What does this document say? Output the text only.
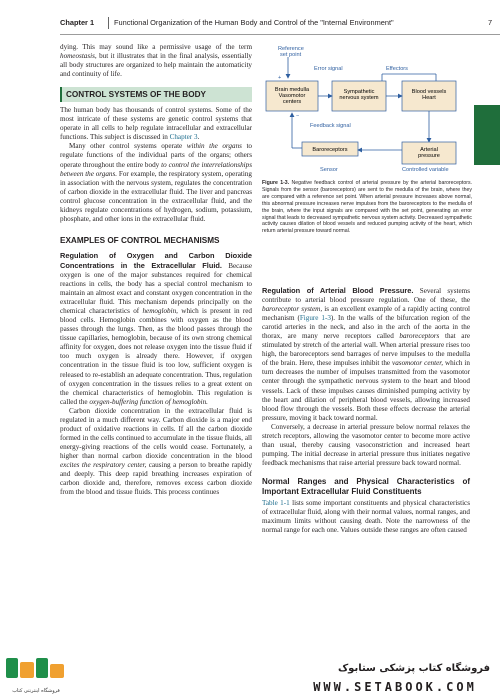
Chapter 1	Functional Organization of the Human Body and Control of the "Internal Environment"	7
UNIT I

dying. This may sound like a permissive usage of the term homeostasis, but it illustrates that in the final analysis, essentially all body structures are organized to help maintain the automaticity and continuity of life.

CONTROL SYSTEMS OF THE BODY

The human body has thousands of control systems. Some of the most intricate of these systems are genetic control systems that operate in all cells to help regulate intracellular and extracellular functions. This subject is discussed in Chapter 3.

Many other control systems operate within the organs to regulate functions of the individual parts of the organs; others operate throughout the entire body to control the interrelationships between the organs. For example, the respiratory system, operating in association with the nervous system, regulates the concentration of carbon dioxide in the extracellular fluid. The liver and pancreas control glucose concentration in the extracellular fluid, and the kidneys regulate concentrations of hydrogen, sodium, potassium, phosphate, and other ions in the extracellular fluid.

EXAMPLES OF CONTROL MECHANISMS

Regulation of Oxygen and Carbon Dioxide Concentrations in the Extracellular Fluid. Because oxygen is one of the major substances required for chemical reactions in cells, the body has a special control mechanism to maintain an almost exact and constant oxygen concentration in the extracellular fluid. This mechanism depends principally on the chemical characteristics of hemoglobin, which is present in red blood cells. Hemoglobin combines with oxygen as the blood passes through the lungs. Then, as the blood passes through the tissue capillaries, hemoglobin, because of its own strong chemical affinity for oxygen, does not release oxygen into the tissue fluid if too much oxygen is already there. However, if oxygen concentration in the tissue fluid is too low, sufficient oxygen is released to re-establish an adequate concentration. Thus, regulation of oxygen concentration in the tissues relies to a great extent on the chemical characteristics of hemoglobin. This regulation is called the oxygen-buffering function of hemoglobin.

Carbon dioxide concentration in the extracellular fluid is regulated in a much different way. Carbon dioxide is a major end product of oxidative reactions in cells. If all the carbon dioxide formed in the cells continued to accumulate in the tissue fluids, all energy-giving reactions of the cells would cease. Fortunately, a higher than normal carbon dioxide concentration in the blood excites the respiratory center, causing a person to breathe rapidly and deeply. This deep rapid breathing increases expiration of carbon dioxide and, therefore, removes excess carbon dioxide from the blood and tissue fluids. This process continues

Reference set point
Error signal	Effectors
Brain medulla Vasomotor centers
+
Sympathetic nervous system
Blood vessels Heart
Feedback signal
−
Baroreceptors	Arterial pressure
Sensor	Controlled variable
Figure 1-3. Negative feedback control of arterial pressure by the arterial baroreceptors. Signals from the sensor (baroreceptors) are sent to the medulla of the brain, where they are compared with a reference set point. When arterial pressure increases above normal, this abnormal pressure increases nerve impulses from the baroreceptors to the medulla of the brain, where the input signals are compared with the set point, generating an error signal that leads to decreased sympathetic nervous system activity. Decreased sympathetic activity causes dilation of blood vessels and reduced pumping activity of the heart, which return arterial pressure toward normal.

Regulation of Arterial Blood Pressure. Several systems contribute to arterial blood pressure regulation. One of these, the baroreceptor system, is an excellent example of a rapidly acting control mechanism (Figure 1-3). In the walls of the bifurcation region of the carotid arteries in the neck, and also in the arch of the aorta in the thorax, are many nerve receptors called baroreceptors that are stimulated by stretch of the arterial wall. When arterial pressure rises too high, the baroreceptors send barrages of nerve impulses to the medulla of the brain. Here, these impulses inhibit the vasomotor center, which in turn decreases the number of impulses transmitted from the vasomotor center through the sympathetic nervous system to the heart and blood vessels. Lack of these impulses causes diminished pumping activity by the heart and dilation of peripheral blood vessels, allowing increased blood flow through the vessels. Both these effects decrease the arterial pressure, moving it back toward normal.

Conversely, a decrease in arterial pressure below normal relaxes the stretch receptors, allowing the vasomotor center to become more active than usual, thereby causing vasoconstriction and increased heart pumping. The initial decrease in arterial pressure thus initiates negative feedback mechanisms that raise arterial pressure back toward normal.

Normal Ranges and Physical Characteristics of Important Extracellular Fluid Constituents

Table 1-1 lists some important constituents and physical characteristics of extracellular fluid, along with their normal values, normal ranges, and maximum limits without causing death. Note the narrowness of the normal range for each one. Values outside these ranges are often caused

فروشگاه اینترنتی کتاب
فروشگاه کتاب پزشکی ستابوک
WWW.SETABOOK.COM
